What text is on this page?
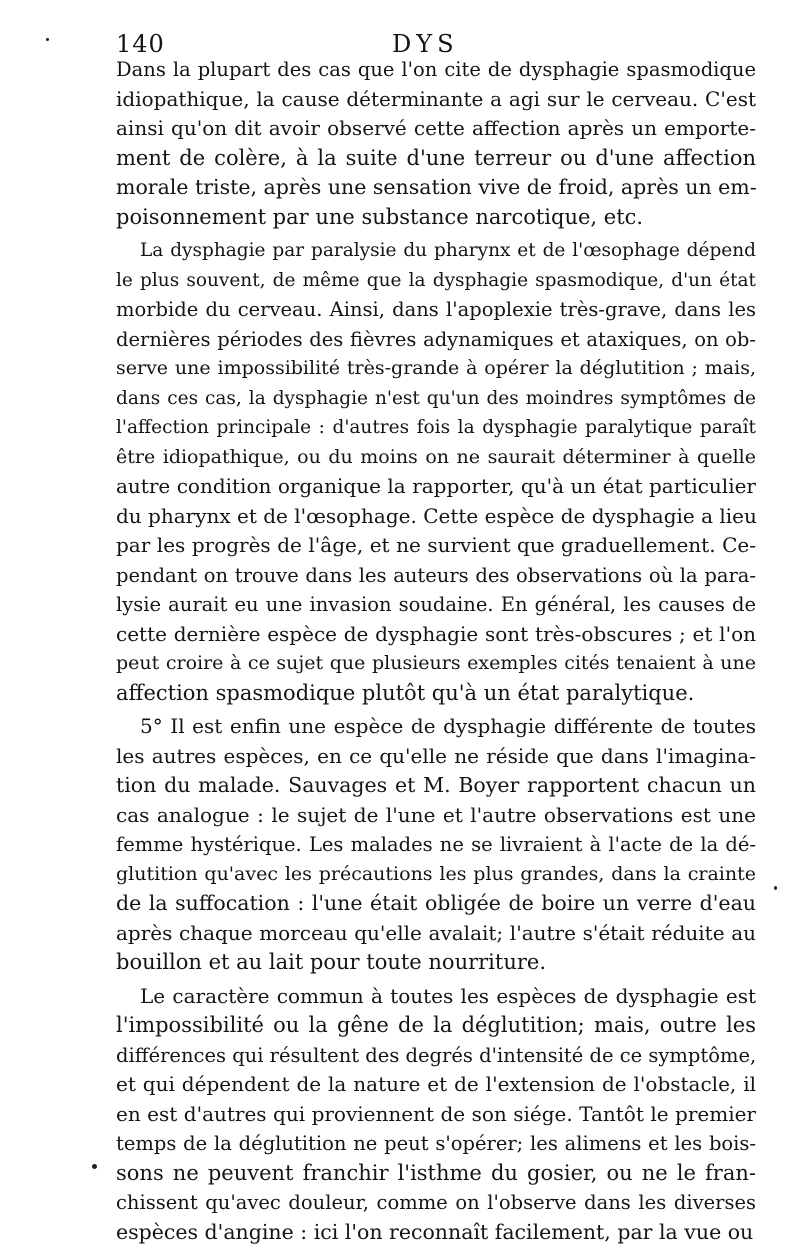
140	DYS
Dans la plupart des cas que l'on cite de dysphagie spasmodique
idiopathique, la cause déterminante a agi sur le cerveau. C'est
ainsi qu'on dit avoir observé cette affection après un emporte-
ment de colère, à la suite d'une terreur ou d'une affection
morale triste, après une sensation vive de froid, après un em-
poisonnement par une substance narcotique, etc.
La dysphagie par paralysie du pharynx et de l'œsophage dépend
le plus souvent, de même que la dysphagie spasmodique, d'un état
morbide du cerveau. Ainsi, dans l'apoplexie très-grave, dans les
dernières périodes des fièvres adynamiques et ataxiques, on ob-
serve une impossibilité très-grande à opérer la déglutition ; mais,
dans ces cas, la dysphagie n'est qu'un des moindres symptômes de
l'affection principale : d'autres fois la dysphagie paralytique paraît
être idiopathique, ou du moins on ne saurait déterminer à quelle
autre condition organique la rapporter, qu'à un état particulier
du pharynx et de l'œsophage. Cette espèce de dysphagie a lieu
par les progrès de l'âge, et ne survient que graduellement. Ce-
pendant on trouve dans les auteurs des observations où la para-
lysie aurait eu une invasion soudaine. En général, les causes de
cette dernière espèce de dysphagie sont très-obscures ; et l'on
peut croire à ce sujet que plusieurs exemples cités tenaient à une
affection spasmodique plutôt qu'à un état paralytique.
5° Il est enfin une espèce de dysphagie différente de toutes
les autres espèces, en ce qu'elle ne réside que dans l'imagina-
tion du malade. Sauvages et M. Boyer rapportent chacun un
cas analogue : le sujet de l'une et l'autre observations est une
femme hystérique. Les malades ne se livraient à l'acte de la dé-
glutition qu'avec les précautions les plus grandes, dans la crainte
de la suffocation : l'une était obligée de boire un verre d'eau
après chaque morceau qu'elle avalait; l'autre s'était réduite au
bouillon et au lait pour toute nourriture.
Le caractère commun à toutes les espèces de dysphagie est
l'impossibilité ou la gêne de la déglutition; mais, outre les
différences qui résultent des degrés d'intensité de ce symptôme,
et qui dépendent de la nature et de l'extension de l'obstacle, il
en est d'autres qui proviennent de son siége. Tantôt le premier
temps de la déglutition ne peut s'opérer; les alimens et les bois-
sons ne peuvent franchir l'isthme du gosier, ou ne le fran-
chissent qu'avec douleur, comme on l'observe dans les diverses
espèces d'angine : ici l'on reconnaît facilement, par la vue ou
